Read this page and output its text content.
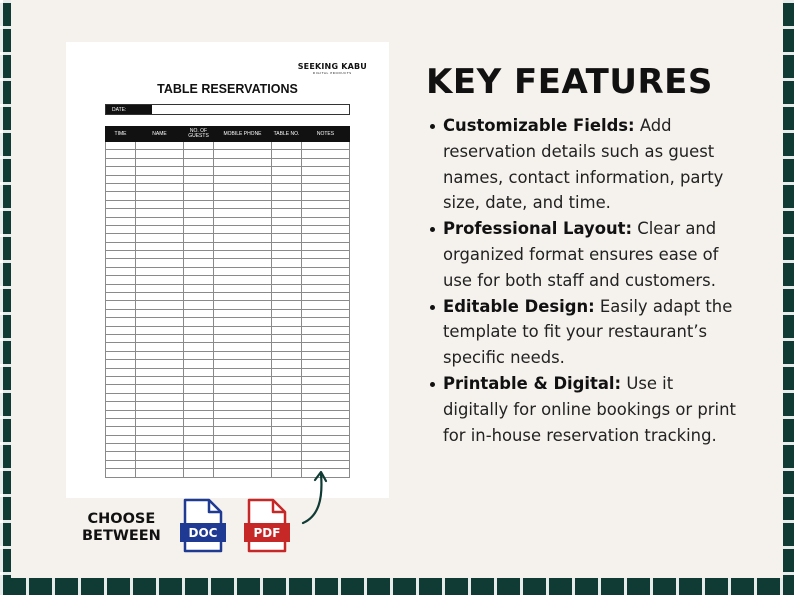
SEEKING KABU
DIGITAL PRODUCTS
TABLE RESERVATIONS
DATE:
TIME	NAME	NO. OF GUESTS	MOBILE PHONE	TABLE NO.	NOTES

KEY FEATURES
Customizable Fields: Add reservation details such as guest names, contact information, party size, date, and time.
Professional Layout: Clear and organized format ensures ease of use for both staff and customers.
Editable Design: Easily adapt the template to fit your restaurant’s specific needs.
Printable & Digital: Use it digitally for online bookings or print for in-house reservation tracking.
CHOOSE
BETWEEN DOC	PDF
